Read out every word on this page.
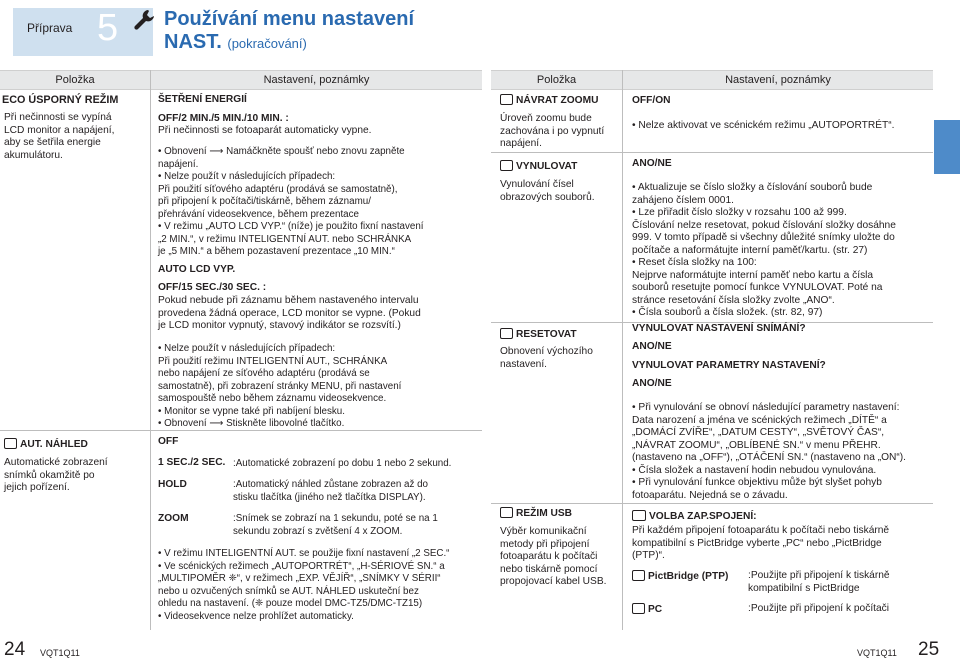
Příprava 5 Používání menu nastavení
NAST. (pokračování)
Položka	Nastavení, poznámky
ECO ÚSPORNÝ REŽIM
Při nečinnosti se vypíná
LCD monitor a napájení,
aby se šetřila energie
akumulátoru.
ŠETŘENÍ ENERGIÍ
OFF/2 MIN./5 MIN./10 MIN. :
Při nečinnosti se fotoaparát automaticky vypne.
• Obnovení ⟶ Namáčkněte spoušť nebo znovu zapněte
napájení.
• Nelze použít v následujících případech:
Při použití síťového adaptéru (prodává se samostatně),
při připojení k počítači/tiskárně, během záznamu/
přehrávání videosekvence, během prezentace
• V režimu „AUTO LCD VYP.“ (níže) je použito fixní nastavení
„2 MIN.“, v režimu INTELIGENTNÍ AUT. nebo SCHRÁNKA
je „5 MIN.“ a během pozastavení prezentace „10 MIN.“
AUTO LCD VYP.
OFF/15 SEC./30 SEC. :
Pokud nebude při záznamu během nastaveného intervalu
provedena žádná operace, LCD monitor se vypne. (Pokud
je LCD monitor vypnutý, stavový indikátor se rozsvítí.)
• Nelze použít v následujících případech:
Při použití režimu INTELIGENTNÍ AUT., SCHRÁNKA
nebo napájení ze síťového adaptéru (prodává se
samostatně), při zobrazení stránky MENU, při nastavení
samospouště nebo během záznamu videosekvence.
• Monitor se vypne také při nabíjení blesku.
• Obnovení ⟶ Stiskněte libovolné tlačítko.
AUT. NÁHLED
Automatické zobrazení
snímků okamžitě po
jejich pořízení.
OFF
1 SEC./2 SEC. :Automatické zobrazení po dobu 1 nebo 2 sekund.
HOLD	:Automatický náhled zůstane zobrazen až do
stisku tlačítka (jiného než tlačítka DISPLAY).
ZOOM	:Snímek se zobrazí na 1 sekundu, poté se na 1
sekundu zobrazí s zvětšení 4 x ZOOM.
• V režimu INTELIGENTNÍ AUT. se použije fixní nastavení „2 SEC.“
• Ve scénických režimech „AUTOPORTRÉT“, „H-SÉRIOVÉ SN.“ a
„MULTIPOMĚR ❈“, v režimech „EXP. VĚJÍŘ“, „SNÍMKY V SÉRII“
nebo u ozvučených snímků se AUT. NÁHLED uskuteční bez
ohledu na nastavení. (❈ pouze model DMC-TZ5/DMC-TZ15)
• Videosekvence nelze prohlížet automaticky.
Položka	Nastavení, poznámky
NÁVRAT ZOOMU
Úroveň zoomu bude
zachována i po vypnutí
napájení.
OFF/ON
• Nelze aktivovat ve scénickém režimu „AUTOPORTRÉT“.
VYNULOVAT
Vynulování čísel
obrazových souborů.
ANO/NE
• Aktualizuje se číslo složky a číslování souborů bude
zahájeno číslem 0001.
• Lze přiřadit číslo složky v rozsahu 100 až 999.
Číslování nelze resetovat, pokud číslování složky dosáhne
999. V tomto případě si všechny důležité snímky uložte do
počítače a naformátujte interní paměť/kartu. (str. 27)
• Reset čísla složky na 100:
Nejprve naformátujte interní paměť nebo kartu a čísla
souborů resetujte pomocí funkce VYNULOVAT. Poté na
stránce resetování čísla složky zvolte „ANO“.
• Čísla souborů a čísla složek. (str. 82, 97)
RESETOVAT
Obnovení výchozího
nastavení.
VYNULOVAT NASTAVENÍ SNÍMÁNÍ?
ANO/NE
VYNULOVAT PARAMETRY NASTAVENÍ?
ANO/NE
• Při vynulování se obnoví následující parametry nastavení:
Data narození a jména ve scénických režimech „DÍTĚ“ a
„DOMÁCÍ ZVÍŘE“, „DATUM CESTY“, „SVĚTOVÝ ČAS“,
„NÁVRAT ZOOMU“, „OBLÍBENÉ SN.“ v menu PŘEHR.
(nastaveno na „OFF“), „OTÁČENÍ SN.“ (nastaveno na „ON“).
• Čísla složek a nastavení hodin nebudou vynulována.
• Při vynulování funkce objektivu může být slyšet pohyb
fotoaparátu. Nejedná se o závadu.
REŽIM USB
Výběr komunikační
metody při připojení
fotoaparátu k počítači
nebo tiskárně pomocí
propojovací kabel USB.
VOLBA ZAP.SPOJENÍ:
Při každém připojení fotoaparátu k počítači nebo tiskárně
kompatibilní s PictBridge vyberte „PC“ nebo „PictBridge
(PTP)“.
PictBridge (PTP) :Použijte při připojení k tiskárně
kompatibilní s PictBridge
PC	:Použijte při připojení k počítači
24 VQT1Q11	VQT1Q11 25
